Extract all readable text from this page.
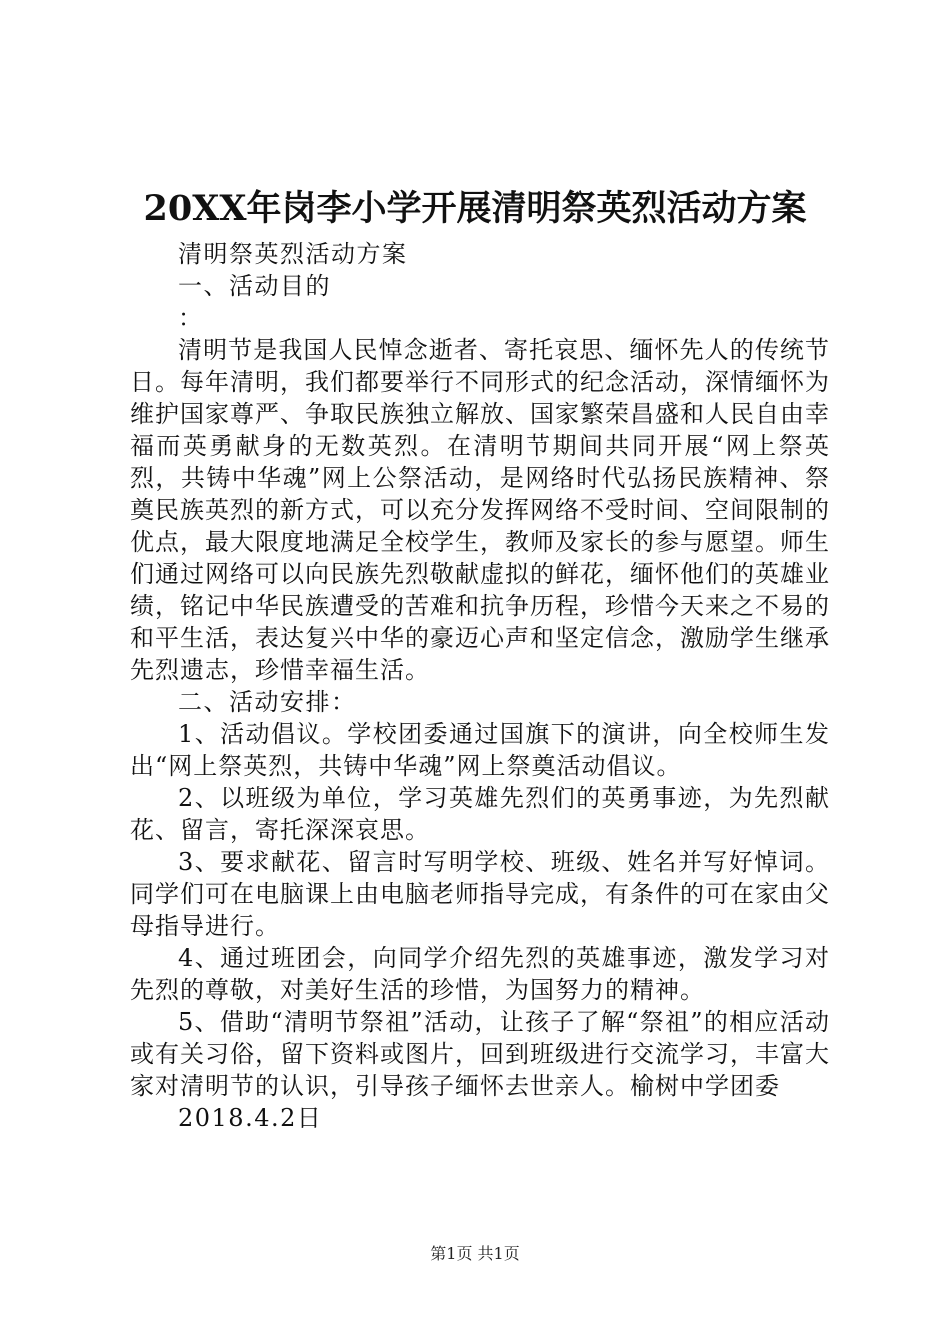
20XX年岗李小学开展清明祭英烈活动方案

清明祭英烈活动方案

一、活动目的

：

清明节是我国人民悼念逝者、寄托哀思、缅怀先人的传统节日。每年清明，我们都要举行不同形式的纪念活动，深情缅怀为维护国家尊严、争取民族独立解放、国家繁荣昌盛和人民自由幸福而英勇献身的无数英烈。在清明节期间共同开展“网上祭英烈，共铸中华魂”网上公祭活动，是网络时代弘扬民族精神、祭奠民族英烈的新方式，可以充分发挥网络不受时间、空间限制的优点，最大限度地满足全校学生，教师及家长的参与愿望。师生们通过网络可以向民族先烈敬献虚拟的鲜花，缅怀他们的英雄业绩，铭记中华民族遭受的苦难和抗争历程，珍惜今天来之不易的和平生活，表达复兴中华的豪迈心声和坚定信念，激励学生继承先烈遗志，珍惜幸福生活。

二、活动安排：

1、活动倡议。学校团委通过国旗下的演讲，向全校师生发出“网上祭英烈，共铸中华魂”网上祭奠活动倡议。

2、以班级为单位，学习英雄先烈们的英勇事迹，为先烈献花、留言，寄托深深哀思。

3、要求献花、留言时写明学校、班级、姓名并写好悼词。同学们可在电脑课上由电脑老师指导完成，有条件的可在家由父母指导进行。

4、通过班团会，向同学介绍先烈的英雄事迹，激发学习对先烈的尊敬，对美好生活的珍惜，为国努力的精神。

5、借助“清明节祭祖”活动，让孩子了解“祭祖”的相应活动或有关习俗，留下资料或图片，回到班级进行交流学习，丰富大家对清明节的认识，引导孩子缅怀去世亲人。榆树中学团委

2018.4.2日

第1页 共1页
